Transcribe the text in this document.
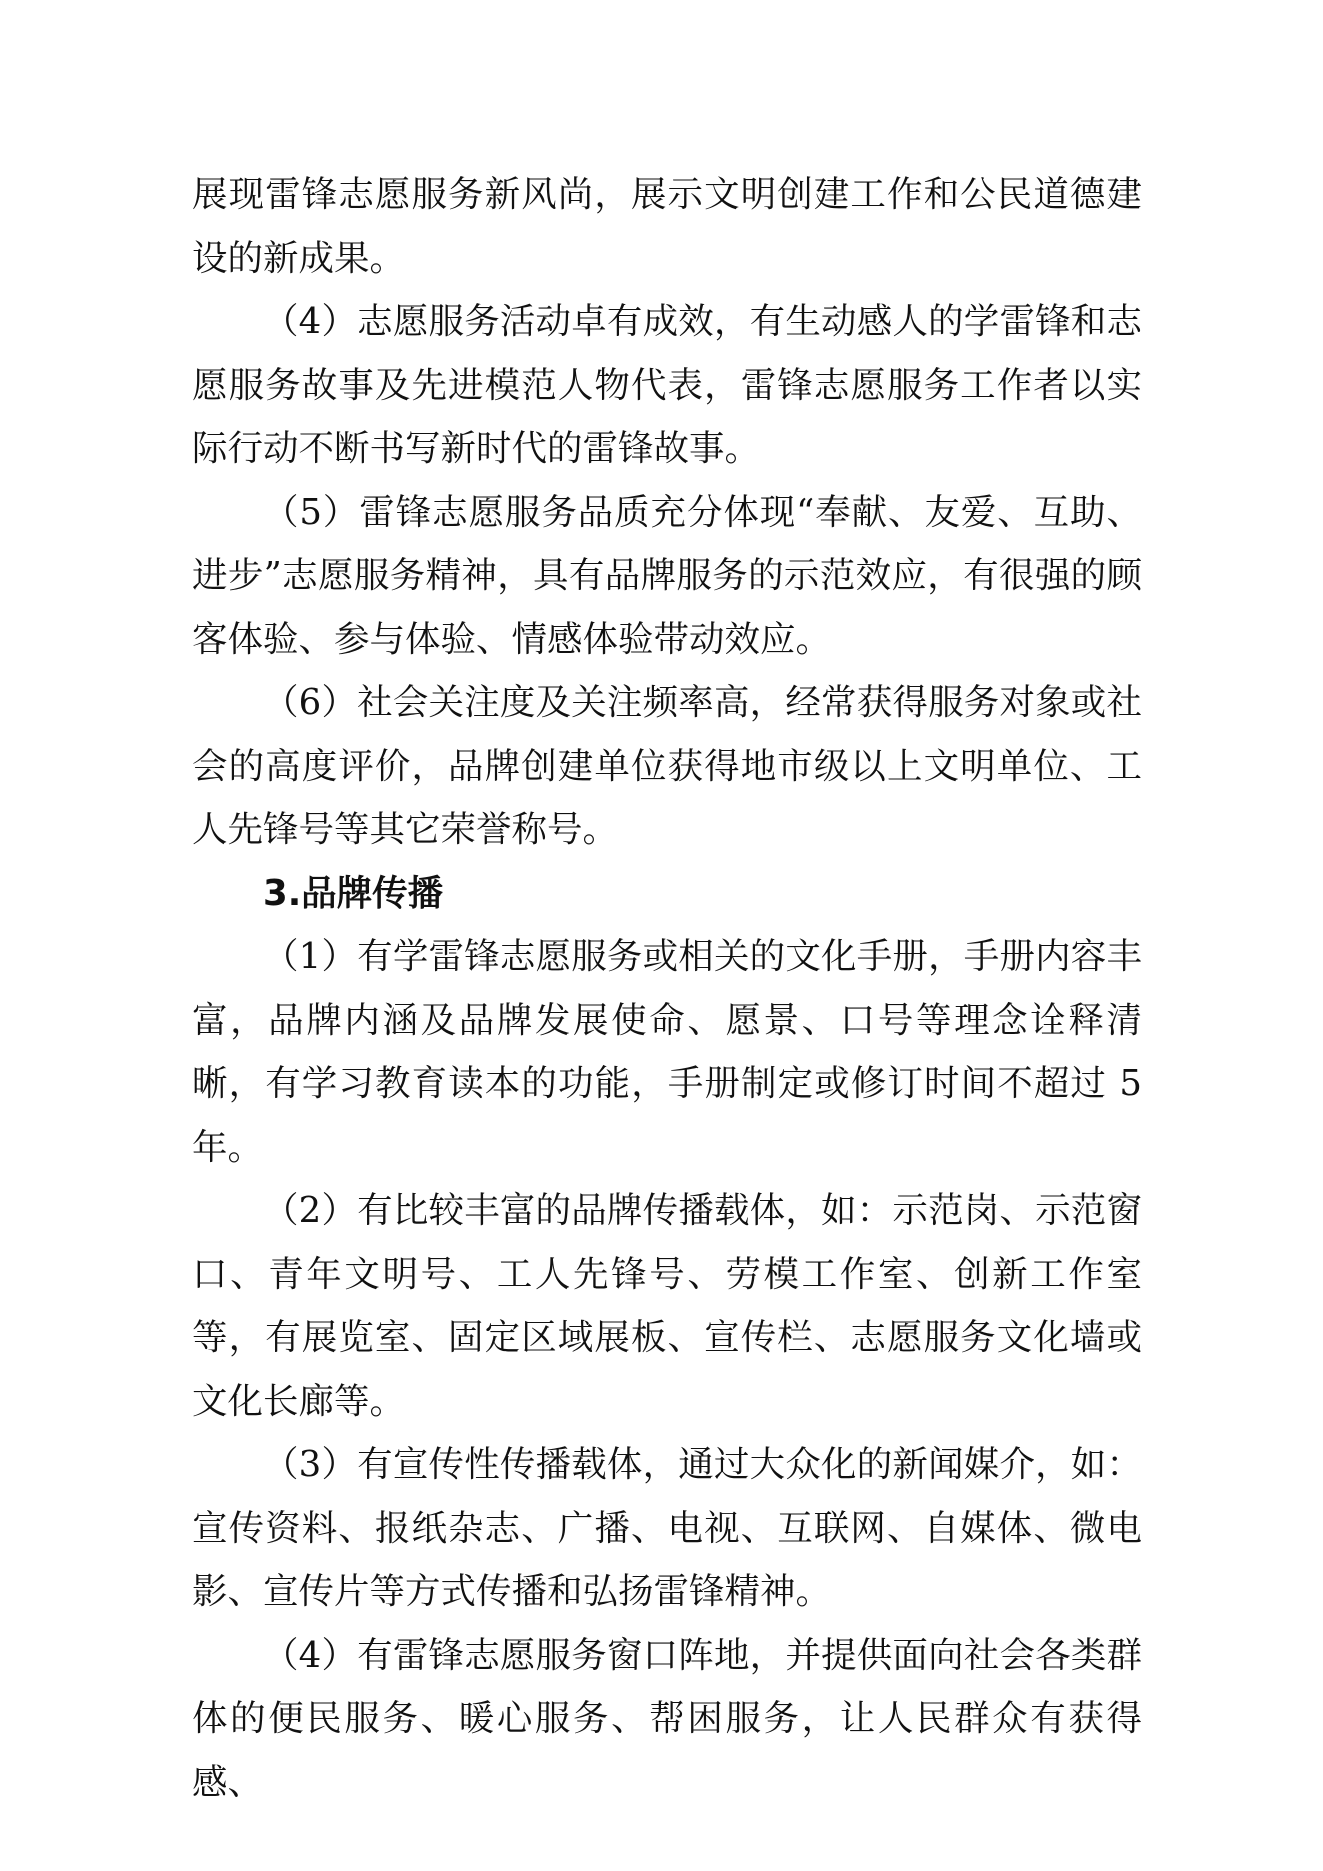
展现雷锋志愿服务新风尚，展示文明创建工作和公民道德建设的新成果。

（4）志愿服务活动卓有成效，有生动感人的学雷锋和志愿服务故事及先进模范人物代表，雷锋志愿服务工作者以实际行动不断书写新时代的雷锋故事。

（5）雷锋志愿服务品质充分体现“奉献、友爱、互助、进步”志愿服务精神，具有品牌服务的示范效应，有很强的顾客体验、参与体验、情感体验带动效应。

（6）社会关注度及关注频率高，经常获得服务对象或社会的高度评价，品牌创建单位获得地市级以上文明单位、工人先锋号等其它荣誉称号。

3.品牌传播

（1）有学雷锋志愿服务或相关的文化手册，手册内容丰富，品牌内涵及品牌发展使命、愿景、口号等理念诠释清晰，有学习教育读本的功能，手册制定或修订时间不超过 5 年。

（2）有比较丰富的品牌传播载体，如：示范岗、示范窗口、青年文明号、工人先锋号、劳模工作室、创新工作室等，有展览室、固定区域展板、宣传栏、志愿服务文化墙或文化长廊等。

（3）有宣传性传播载体，通过大众化的新闻媒介，如：宣传资料、报纸杂志、广播、电视、互联网、自媒体、微电影、宣传片等方式传播和弘扬雷锋精神。

（4）有雷锋志愿服务窗口阵地，并提供面向社会各类群体的便民服务、暖心服务、帮困服务，让人民群众有获得感、
